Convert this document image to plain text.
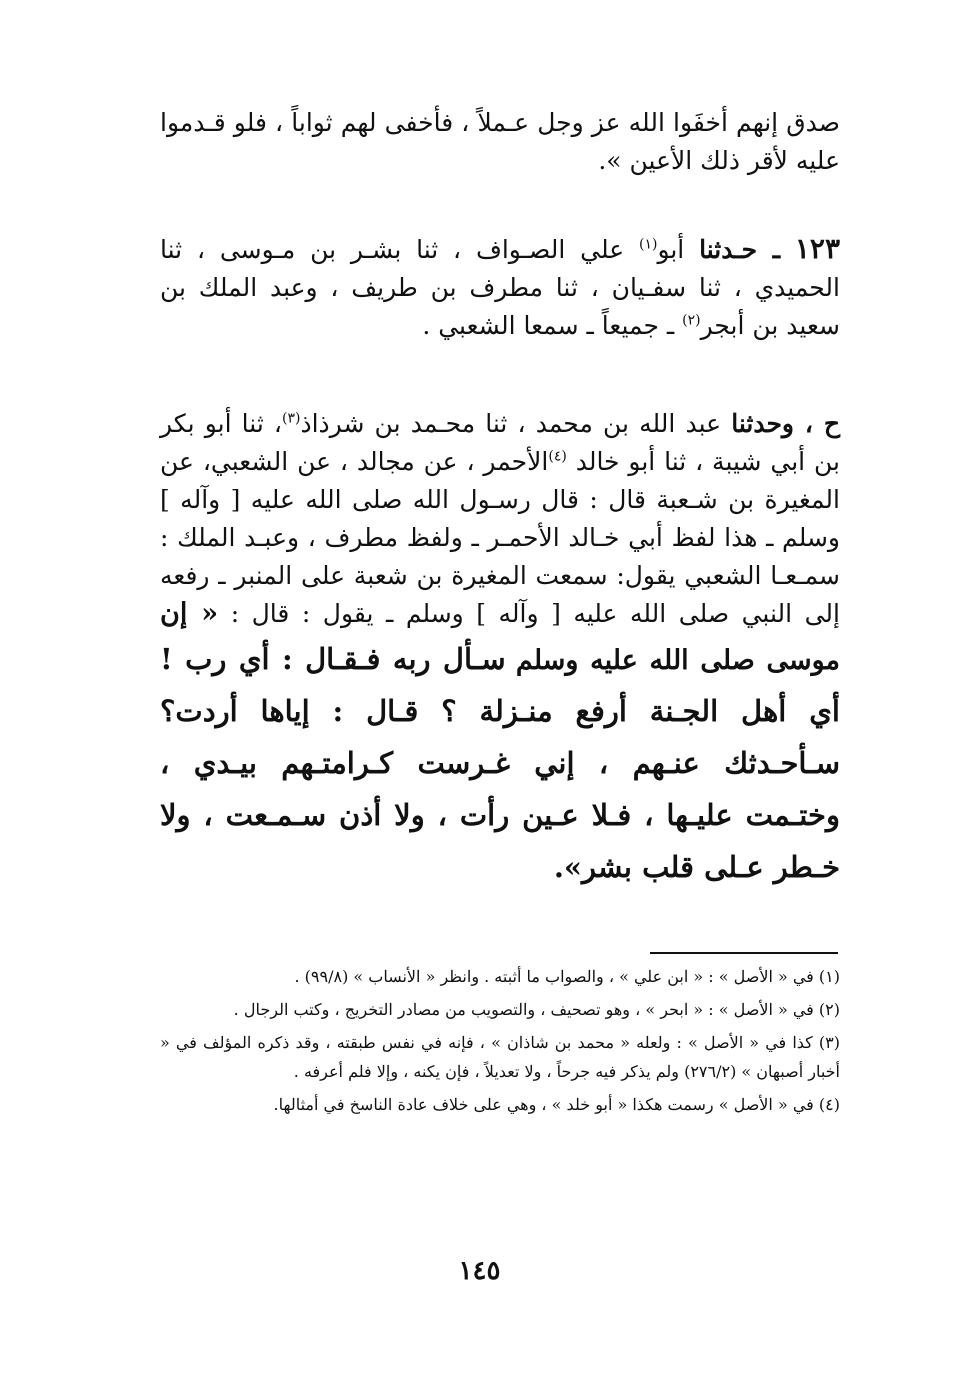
صدق إنهم أخفَوا الله عز وجل عـملاً ، فأخفى لهم ثواباً ، فلو قـدموا عليه لأقر ذلك الأعين ».

١٢٣ ـ حـدثنا أبو$^{(١)}$ علي الصـواف ، ثنا بشـر بن مـوسى ، ثنا الحميدي ، ثنا سفـيان ، ثنا مطرف بن طريف ، وعبد الملك بن سعيد بن أبجر$^{(٢)}$ ـ جميعاً ـ سمعا الشعبي .

ح ، وحدثنا عبد الله بن محمد ، ثنا محـمد بن شرذاذ$^{(٣)}$، ثنا أبو بكر بن أبي شيبة ، ثنا أبو خالد $^{(٤)}$الأحمر ، عن مجالد ، عن الشعبي، عن المغيرة بن شـعبة قال : قال رسـول الله صلى الله عليه [ وآله ] وسلم ـ هذا لفظ أبي خـالد الأحمـر ـ ولفظ مطرف ، وعبـد الملك : سمـعـا الشعبي يقول: سمعت المغيرة بن شعبة على المنبر ـ رفعه إلى النبي صلى الله عليه [ وآله ] وسلم ـ يقول : قال : « إن موسى صلى الله عليه وسلم سـأل ربه فـقـال : أي رب ! أي أهل الجـنة أرفع منـزلة ؟ قـال : إياها أردت؟ سـأحـدثك عنـهم ، إني غـرست كـرامتـهم بيـدي ، وختـمت عليـها ، فـلا عـين رأت ، ولا أذن سـمـعت ، ولا خـطر عـلى قلب بشر».

(١) في « الأصل » : « ابن علي » ، والصواب ما أثبته . وانظر « الأنساب » (٩٩/٨) .

(٢) في « الأصل » : « ابحر » ، وهو تصحيف ، والتصويب من مصادر التخريج ، وكتب الرجال .

(٣) كذا في « الأصل » : ولعله « محمد بن شاذان » ، فإنه في نفس طبقته ، وقد ذكره المؤلف في « أخبار أصبهان » (٢٧٦/٢) ولم يذكر فيه جرحاً ، ولا تعديلاً ، فإن يكنه ، وإلا فلم أعرفه .

(٤) في « الأصل » رسمت هكذا « أبو خلد » ، وهي على خلاف عادة الناسخ في أمثالها.

١٤٥
